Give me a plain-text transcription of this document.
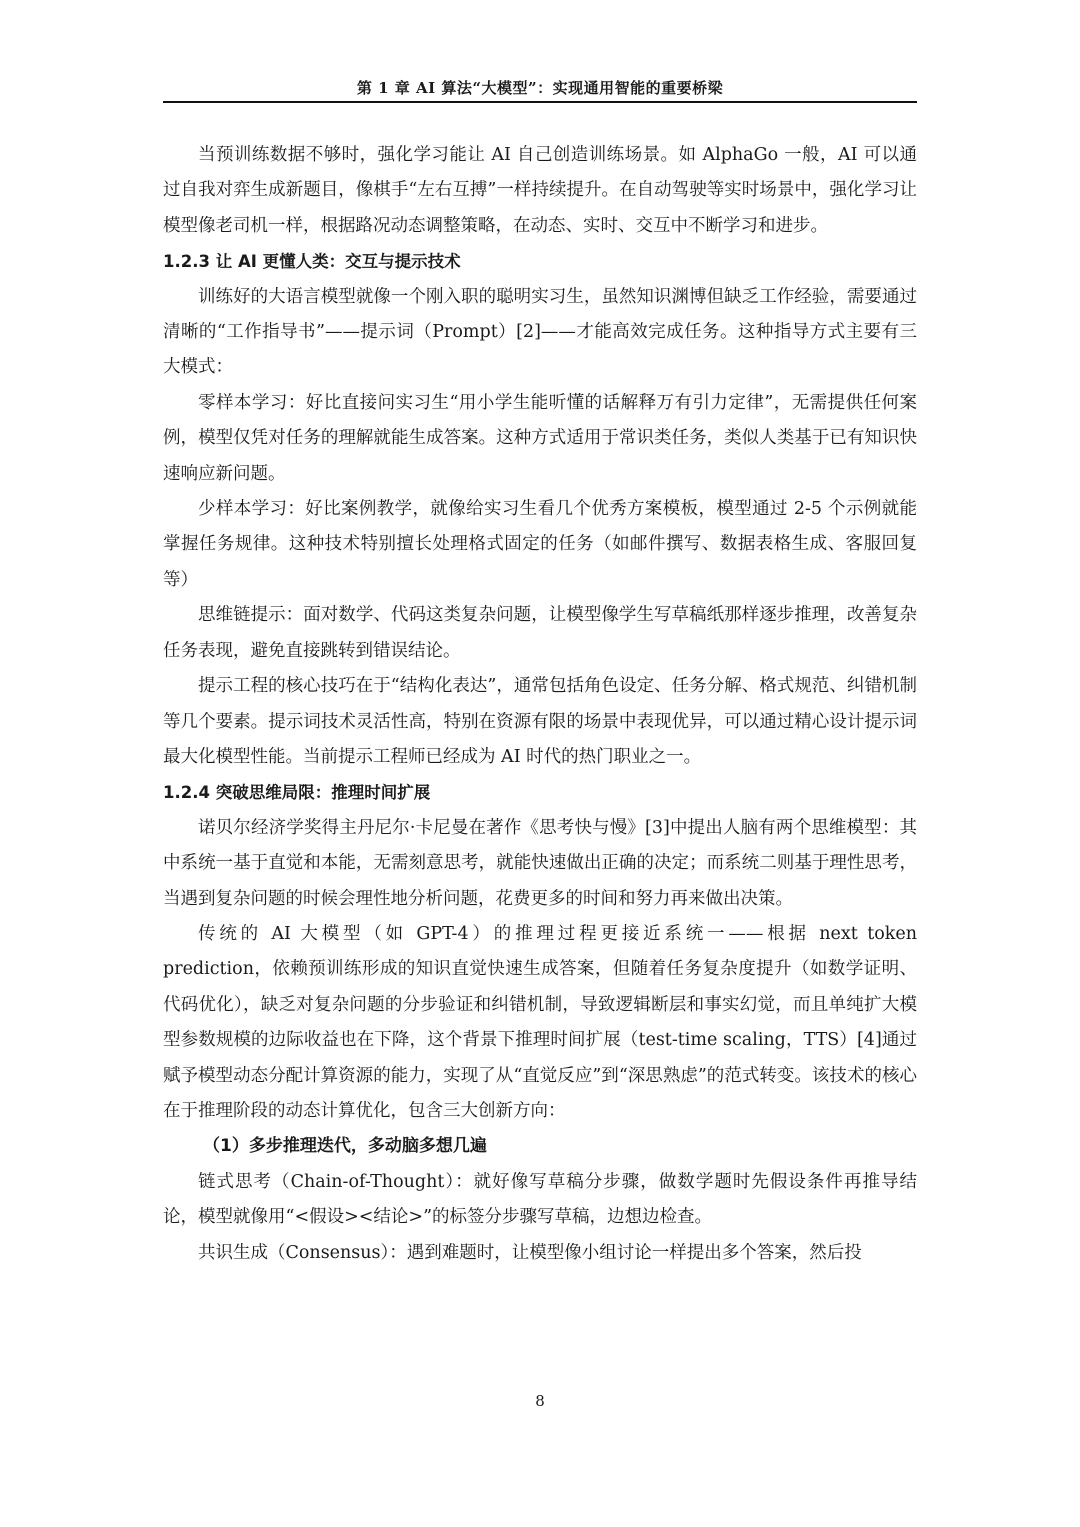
第 1 章 AI 算法“大模型”：实现通用智能的重要桥梁

当预训练数据不够时，强化学习能让 AI 自己创造训练场景。如 AlphaGo 一般，AI 可以通过自我对弈生成新题目，像棋手“左右互搏”一样持续提升。在自动驾驶等实时场景中，强化学习让模型像老司机一样，根据路况动态调整策略，在动态、实时、交互中不断学习和进步。

1.2.3 让 AI 更懂人类：交互与提示技术

训练好的大语言模型就像一个刚入职的聪明实习生，虽然知识渊博但缺乏工作经验，需要通过清晰的“工作指导书”——提示词（Prompt）[2]——才能高效完成任务。这种指导方式主要有三大模式：

零样本学习：好比直接问实习生“用小学生能听懂的话解释万有引力定律”，无需提供任何案例，模型仅凭对任务的理解就能生成答案。这种方式适用于常识类任务，类似人类基于已有知识快速响应新问题。

少样本学习：好比案例教学，就像给实习生看几个优秀方案模板，模型通过 2-5 个示例就能掌握任务规律。这种技术特别擅长处理格式固定的任务（如邮件撰写、数据表格生成、客服回复等）

思维链提示：面对数学、代码这类复杂问题，让模型像学生写草稿纸那样逐步推理，改善复杂任务表现，避免直接跳转到错误结论。

提示工程的核心技巧在于“结构化表达”，通常包括角色设定、任务分解、格式规范、纠错机制等几个要素。提示词技术灵活性高，特别在资源有限的场景中表现优异，可以通过精心设计提示词最大化模型性能。当前提示工程师已经成为 AI 时代的热门职业之一。

1.2.4 突破思维局限：推理时间扩展

诺贝尔经济学奖得主丹尼尔·卡尼曼在著作《思考快与慢》[3]中提出人脑有两个思维模型：其中系统一基于直觉和本能，无需刻意思考，就能快速做出正确的决定；而系统二则基于理性思考，当遇到复杂问题的时候会理性地分析问题，花费更多的时间和努力再来做出决策。

传统的 AI 大模型（如 GPT-4）的推理过程更接近系统一——根据 next token prediction，依赖预训练形成的知识直觉快速生成答案，但随着任务复杂度提升（如数学证明、代码优化），缺乏对复杂问题的分步验证和纠错机制，导致逻辑断层和事实幻觉，而且单纯扩大模型参数规模的边际收益也在下降，这个背景下推理时间扩展（test-time scaling，TTS）[4]通过赋予模型动态分配计算资源的能力，实现了从“直觉反应”到“深思熟虑”的范式转变。该技术的核心在于推理阶段的动态计算优化，包含三大创新方向：

（1）多步推理迭代，多动脑多想几遍

链式思考（Chain-of-Thought）：就好像写草稿分步骤，做数学题时先假设条件再推导结论，模型就像用“<假设><结论>”的标签分步骤写草稿，边想边检查。

共识生成（Consensus）：遇到难题时，让模型像小组讨论一样提出多个答案，然后投

8
